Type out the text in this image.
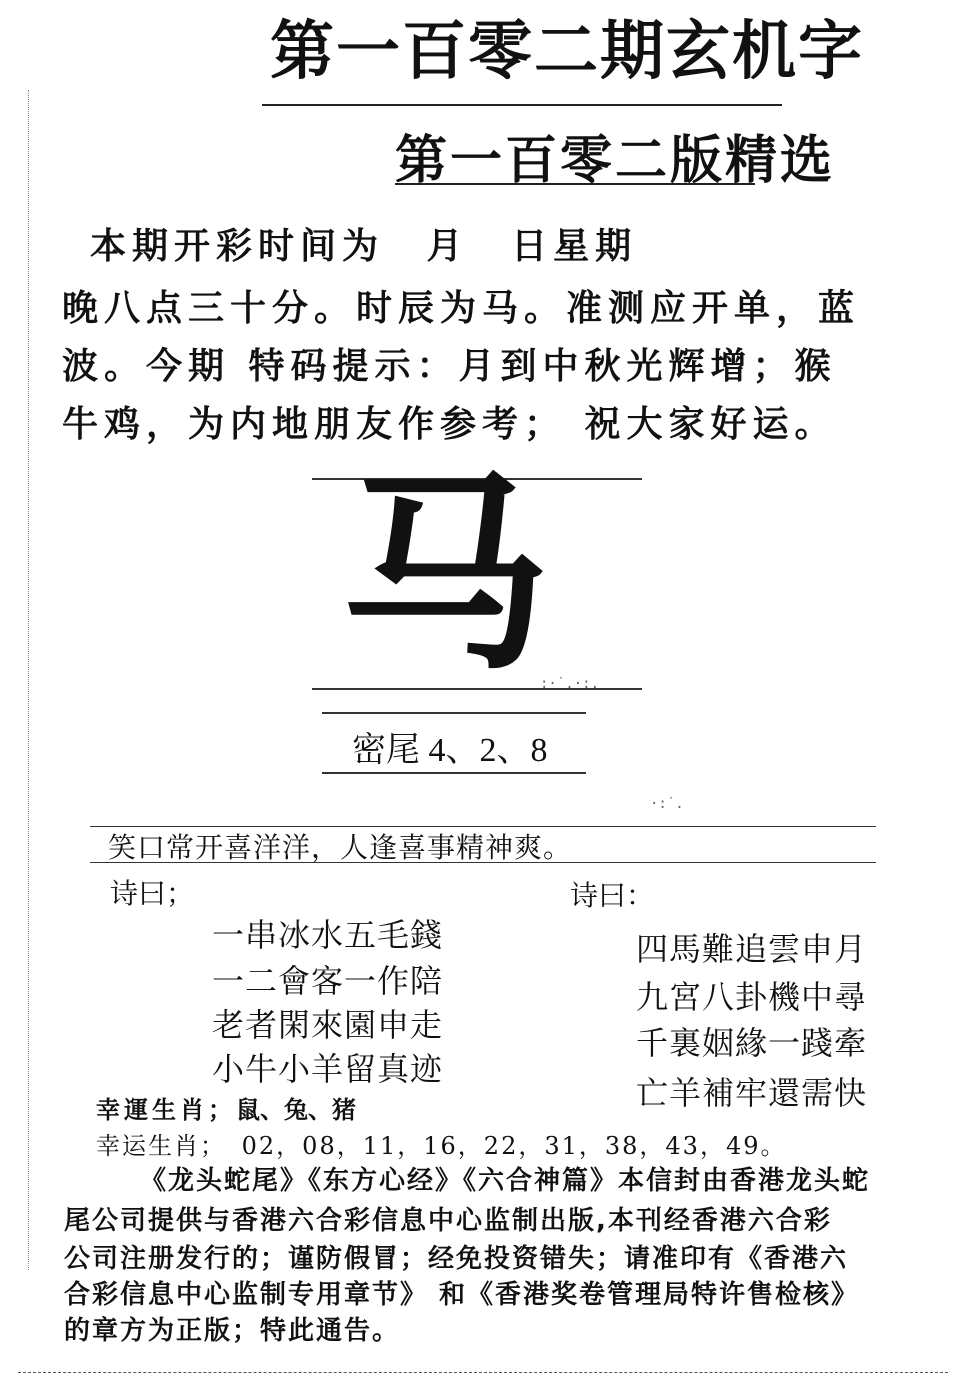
第一百零二期玄机字
第一百零二版精选
本期开彩时间为 月 日星期
晚八点三十分。时辰为马。准测应开单，蓝
波。今期 特码提示：月到中秋光辉增；猴
牛鸡，为内地朋友作参考； 祝大家好运。
马
:·˙.·:.
·:˙.
密尾 4、2、8
笑口常开喜洋洋，人逢喜事精神爽。
诗曰；
一串冰水五毛錢
一二會客一作陪
老者閑來園申走
小牛小羊留真迹
诗曰：
四馬難追雲申月
九宮八卦機中尋
千裏姻緣一踐牽
亡羊補牢還需快
幸運生肖；鼠、兔、猪
幸运生肖； 02，08，11，16，22，31，38，43，49。
《龙头蛇尾》《东方心经》《六合神篇》本信封由香港龙头蛇
尾公司提供与香港六合彩信息中心监制出版,本刊经香港六合彩
公司注册发行的；谨防假冒；经免投资错失；请准印有《香港六
合彩信息中心监制专用章节》 和《香港奖卷管理局特许售检核》
的章方为正版；特此通告。
